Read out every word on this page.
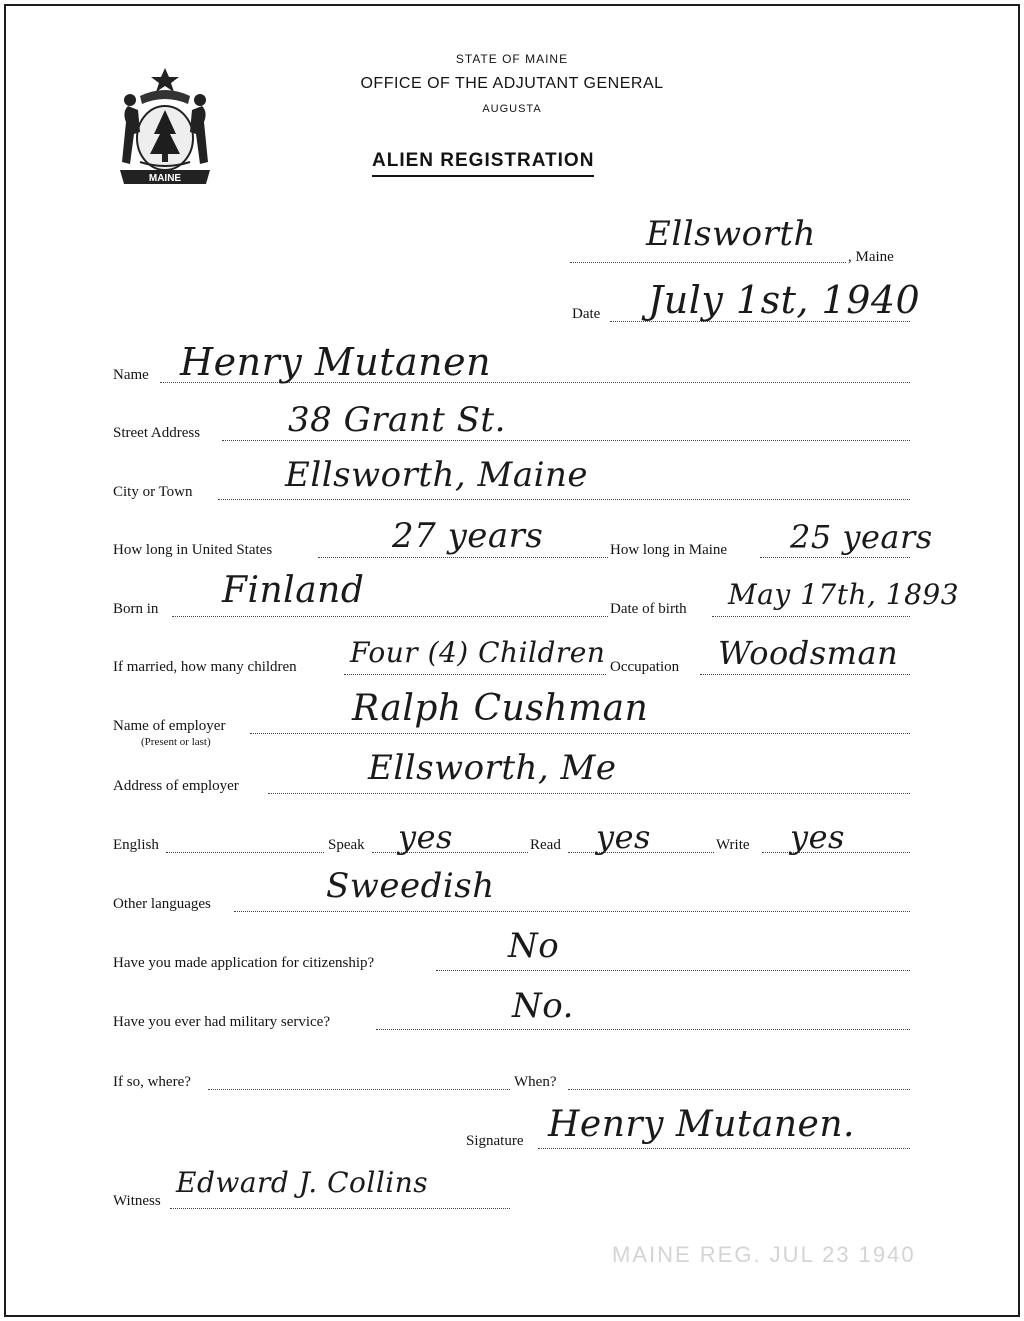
MAINE
STATE OF MAINE
OFFICE OF THE ADJUTANT GENERAL
AUGUSTA
ALIEN REGISTRATION
Ellsworth
, Maine
Date July 1st, 1940
Name Henry Mutanen
Street Address	38 Grant St.
City or Town	Ellsworth, Maine
How long in United States	27 years	How long in Maine 25 years
Born in Finland	Date of birth May 17th, 1893
If married, how many children Four (4) Children Occupation Woodsman
Name of employer
(Present or last)
Ralph Cushman
Address of employer	Ellsworth, Me
English	Speak yes	Read yes	Write yes
Other languages	Sweedish
Have you made application for citizenship?	No
Have you ever had military service?	No.
If so, where?	When?
Signature Henry Mutanen.
Witness
Edward J. Collins
MAINE REG. JUL 23 1940
